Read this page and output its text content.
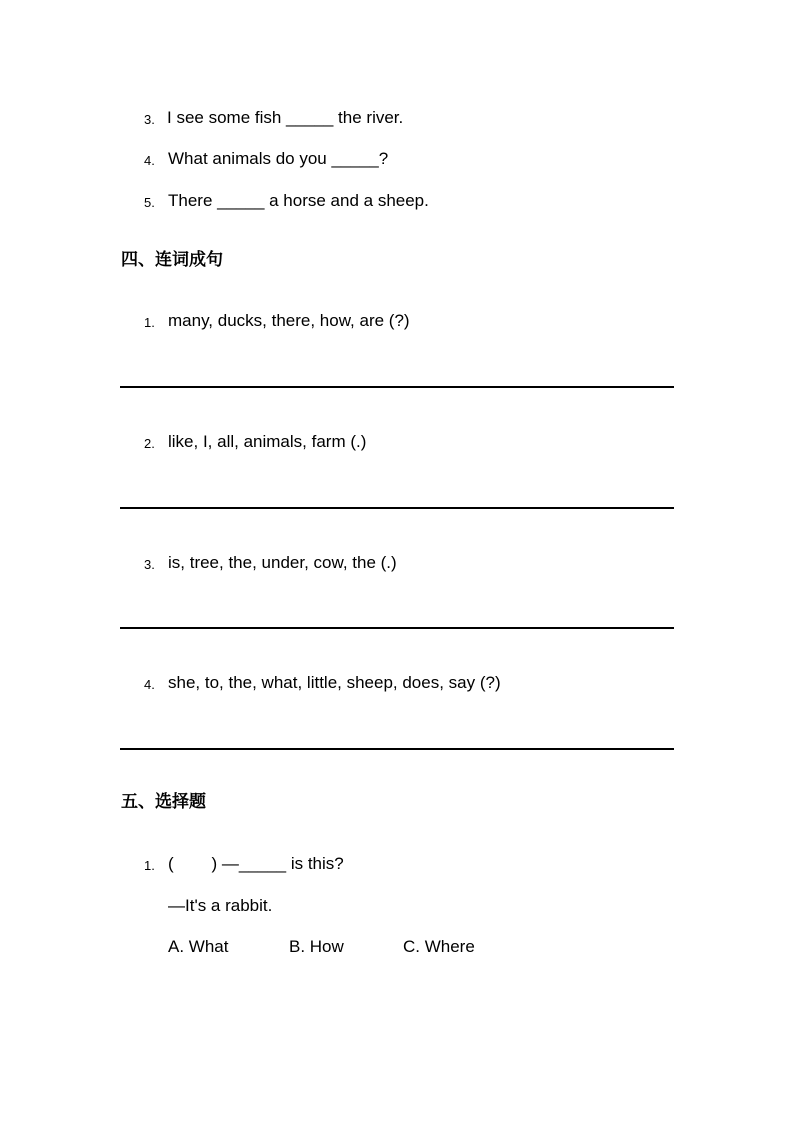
3. I see some fish _____ the river.
4. What animals do you _____?
5. There _____ a horse and a sheep.
四、连词成句
1. many, ducks, there, how, are (?)
2. like, I, all, animals, farm (.)
3. is, tree, the, under, cow, the (.)
4. she, to, the, what, little, sheep, does, say (?)
五、选择题
1. (        ) —_____ is this?
—It's a rabbit.
A. What	B. How	C. Where
